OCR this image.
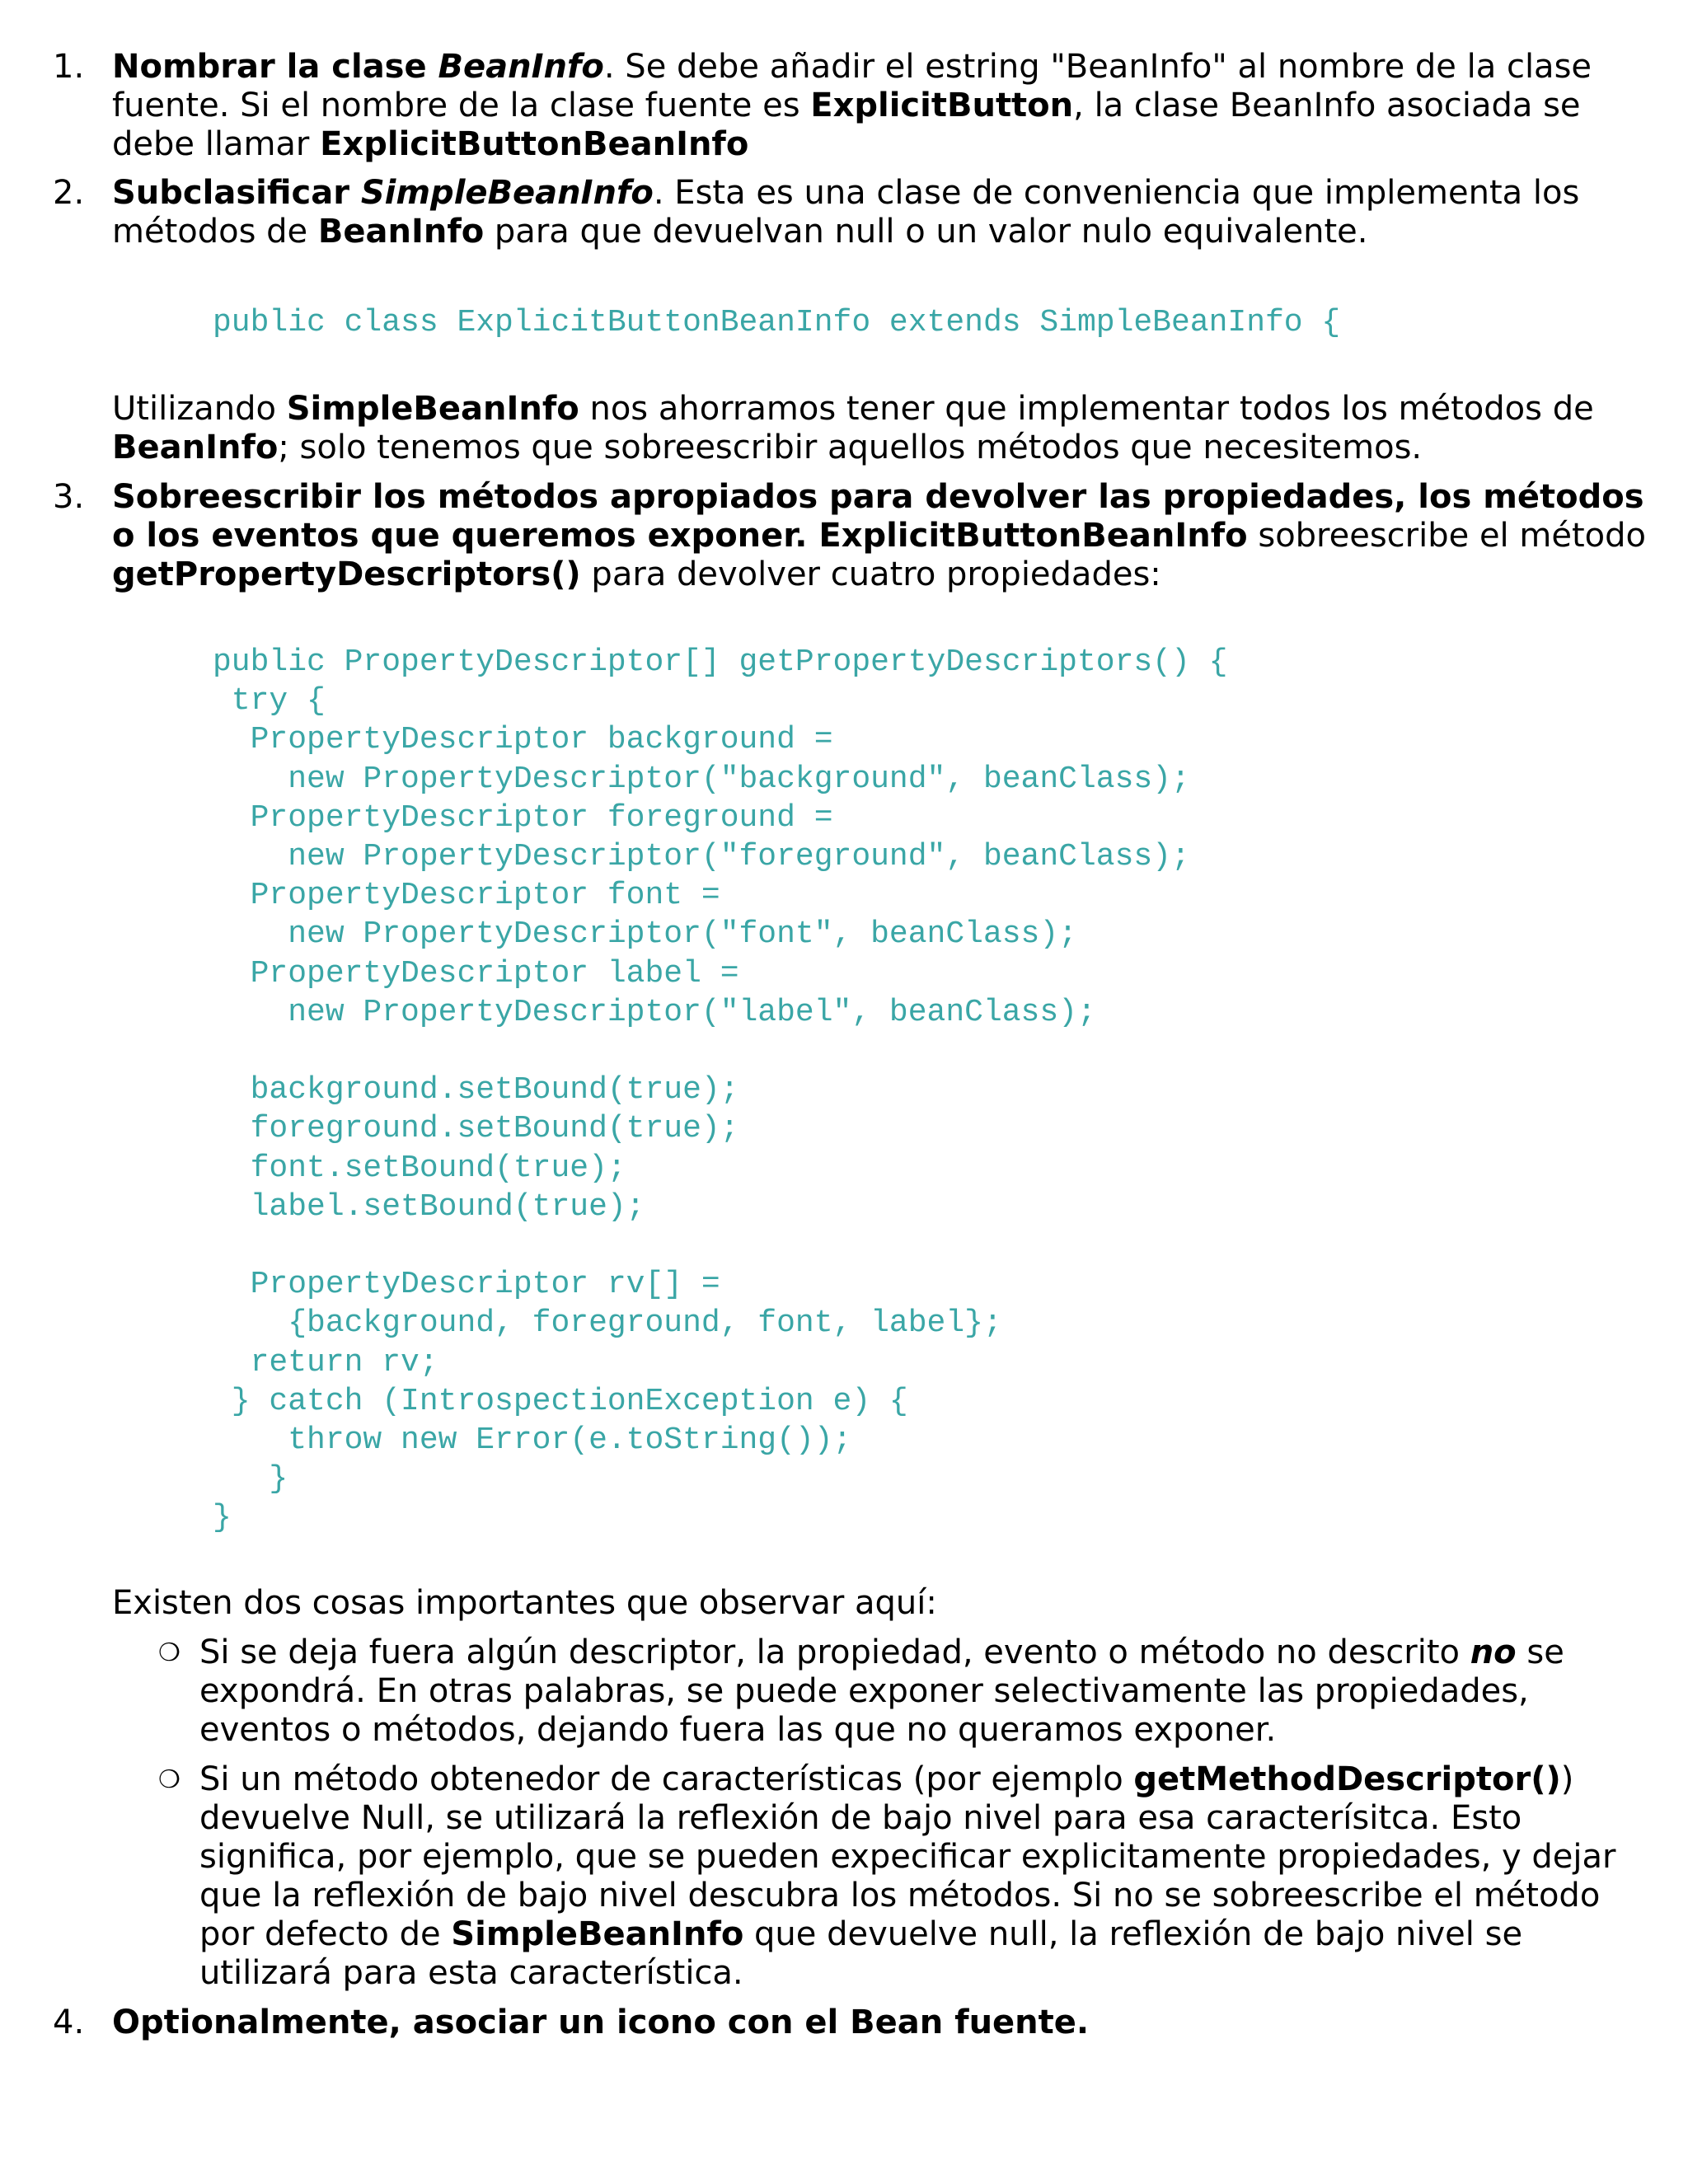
1. Nombrar la clase BeanInfo. Se debe añadir el estring "BeanInfo" al nombre de la clase fuente. Si el nombre de la clase fuente es ExplicitButton, la clase BeanInfo asociada se debe llamar ExplicitButtonBeanInfo
2. Subclasificar SimpleBeanInfo. Esta es una clase de conveniencia que implementa los métodos de BeanInfo para que devuelvan null o un valor nulo equivalente.
public class ExplicitButtonBeanInfo extends SimpleBeanInfo {
Utilizando SimpleBeanInfo nos ahorramos tener que implementar todos los métodos de BeanInfo; solo tenemos que sobreescribir aquellos métodos que necesitemos.
3. Sobreescribir los métodos apropiados para devolver las propiedades, los métodos o los eventos que queremos exponer. ExplicitButtonBeanInfo sobreescribe el método getPropertyDescriptors() para devolver cuatro propiedades:
public PropertyDescriptor[] getPropertyDescriptors() {
try {
PropertyDescriptor background =
new PropertyDescriptor("background", beanClass);
PropertyDescriptor foreground =
new PropertyDescriptor("foreground", beanClass);
PropertyDescriptor font =
new PropertyDescriptor("font", beanClass);
PropertyDescriptor label =
new PropertyDescriptor("label", beanClass);

background.setBound(true);
foreground.setBound(true);
font.setBound(true);
label.setBound(true);

PropertyDescriptor rv[] =
{background, foreground, font, label};
return rv;
} catch (IntrospectionException e) {
throw new Error(e.toString());
}
}
Existen dos cosas importantes que observar aquí:
❍ Si se deja fuera algún descriptor, la propiedad, evento o método no descrito no se expondrá. En otras palabras, se puede exponer selectivamente las propiedades, eventos o métodos, dejando fuera las que no queramos exponer.
❍ Si un método obtenedor de características (por ejemplo getMethodDescriptor()) devuelve Null, se utilizará la reflexión de bajo nivel para esa caracterísitca. Esto significa, por ejemplo, que se pueden expecificar explicitamente propiedades, y dejar que la reflexión de bajo nivel descubra los métodos. Si no se sobreescribe el método por defecto de SimpleBeanInfo que devuelve null, la reflexión de bajo nivel se utilizará para esta característica.
4. Optionalmente, asociar un icono con el Bean fuente.
